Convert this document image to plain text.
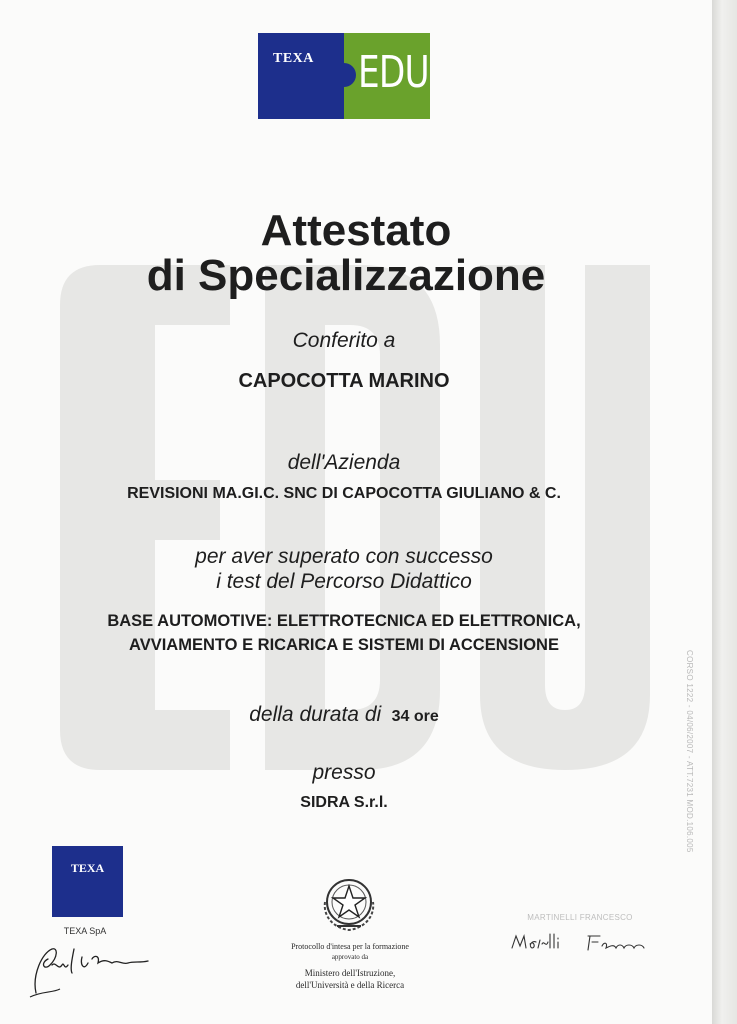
TEXA EDU
Attestato
di Specializzazione
Conferito a
CAPOCOTTA MARINO
dell'Azienda
REVISIONI MA.GI.C. SNC DI CAPOCOTTA GIULIANO & C.
per aver superato con successo
i test del Percorso Didattico
BASE AUTOMOTIVE: ELETTROTECNICA ED ELETTRONICA,
AVVIAMENTO E RICARICA E SISTEMI DI ACCENSIONE
della durata di 34 ore
presso
SIDRA S.r.l.	CORSO 1222 - 04/06/2007 - ATT.7231 MOD.106.005
TEXA
TEXA SpA
Protocollo d'intesa per la formazione
approvato da
Ministero dell'Istruzione,
dell'Università e della Ricerca
MARTINELLI FRANCESCO
